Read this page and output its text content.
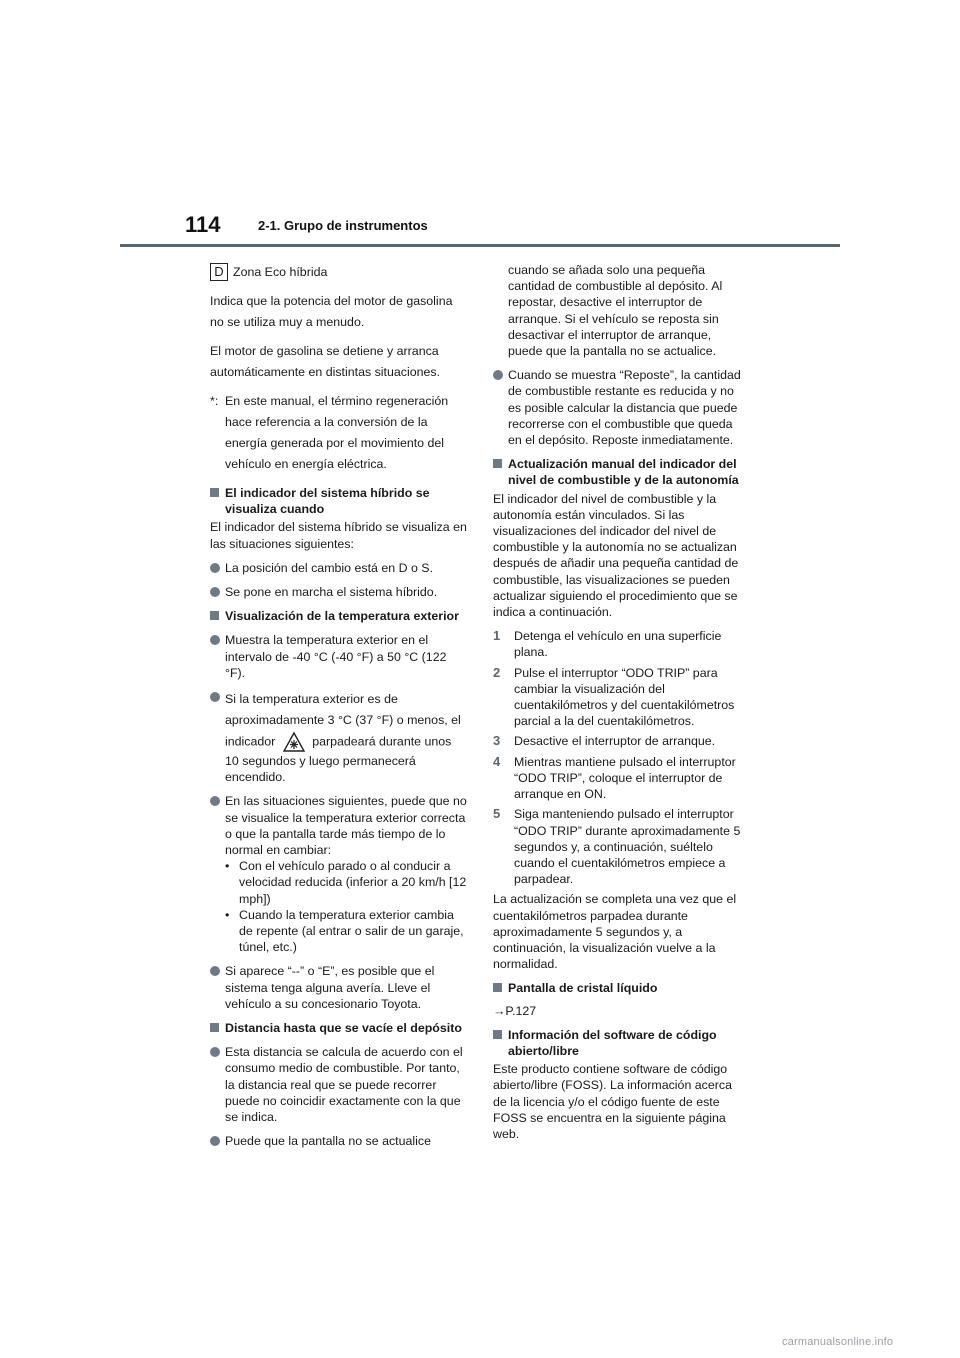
114	2-1. Grupo de instrumentos

D Zona Eco híbrida

Indica que la potencia del motor de gasolina no se utiliza muy a menudo.

El motor de gasolina se detiene y arranca automáticamente en distintas situaciones.

*: En este manual, el término regeneración hace referencia a la conversión de la energía generada por el movimiento del vehículo en energía eléctrica.
El indicador del sistema híbrido se visualiza cuando

El indicador del sistema híbrido se visualiza en las situaciones siguientes:

La posición del cambio está en D o S.
Se pone en marcha el sistema híbrido.
Visualización de la temperatura exterior
Muestra la temperatura exterior en el intervalo de -40 °C (-40 °F) a 50 °C (122 °F).
Si la temperatura exterior es de aproximadamente 3 °C (37 °F) o menos, el indicador	parpadeará durante unos 10 segundos y luego permanecerá encendido.
En las situaciones siguientes, puede que no se visualice la temperatura exterior correcta o que la pantalla tarde más tiempo de lo normal en cambiar:
• Con el vehículo parado o al conducir a velocidad reducida (inferior a 20 km/h [12 mph])
• Cuando la temperatura exterior cambia de repente (al entrar o salir de un garaje, túnel, etc.)
Si aparece “--” o “E”, es posible que el sistema tenga alguna avería. Lleve el vehículo a su concesionario Toyota.
Distancia hasta que se vacíe el depósito
Esta distancia se calcula de acuerdo con el consumo medio de combustible. Por tanto, la distancia real que se puede recorrer puede no coincidir exactamente con la que se indica.
Puede que la pantalla no se actualice

cuando se añada solo una pequeña cantidad de combustible al depósito. Al repostar, desactive el interruptor de arranque. Si el vehículo se reposta sin desactivar el interruptor de arranque, puede que la pantalla no se actualice.

Cuando se muestra “Reposte”, la cantidad de combustible restante es reducida y no es posible calcular la distancia que puede recorrerse con el combustible que queda en el depósito. Reposte inmediatamente.
Actualización manual del indicador del nivel de combustible y de la autonomía

El indicador del nivel de combustible y la autonomía están vinculados. Si las visualizaciones del indicador del nivel de combustible y la autonomía no se actualizan después de añadir una pequeña cantidad de combustible, las visualizaciones se pueden actualizar siguiendo el procedimiento que se indica a continuación.

1	Detenga el vehículo en una superficie plana.
2	Pulse el interruptor “ODO TRIP” para cambiar la visualización del cuentakilómetros y del cuentakilómetros parcial a la del cuentakilómetros.
3	Desactive el interruptor de arranque.
4	Mientras mantiene pulsado el interruptor “ODO TRIP”, coloque el interruptor de arranque en ON.
5	Siga manteniendo pulsado el interruptor “ODO TRIP” durante aproximadamente 5 segundos y, a continuación, suéltelo cuando el cuentakilómetros empiece a parpadear.

La actualización se completa una vez que el cuentakilómetros parpadea durante aproximadamente 5 segundos y, a continuación, la visualización vuelve a la normalidad.

Pantalla de cristal líquido

→P.127

Información del software de código abierto/libre

Este producto contiene software de código abierto/libre (FOSS). La información acerca de la licencia y/o el código fuente de este FOSS se encuentra en la siguiente página web.

carmanualsonline.info
